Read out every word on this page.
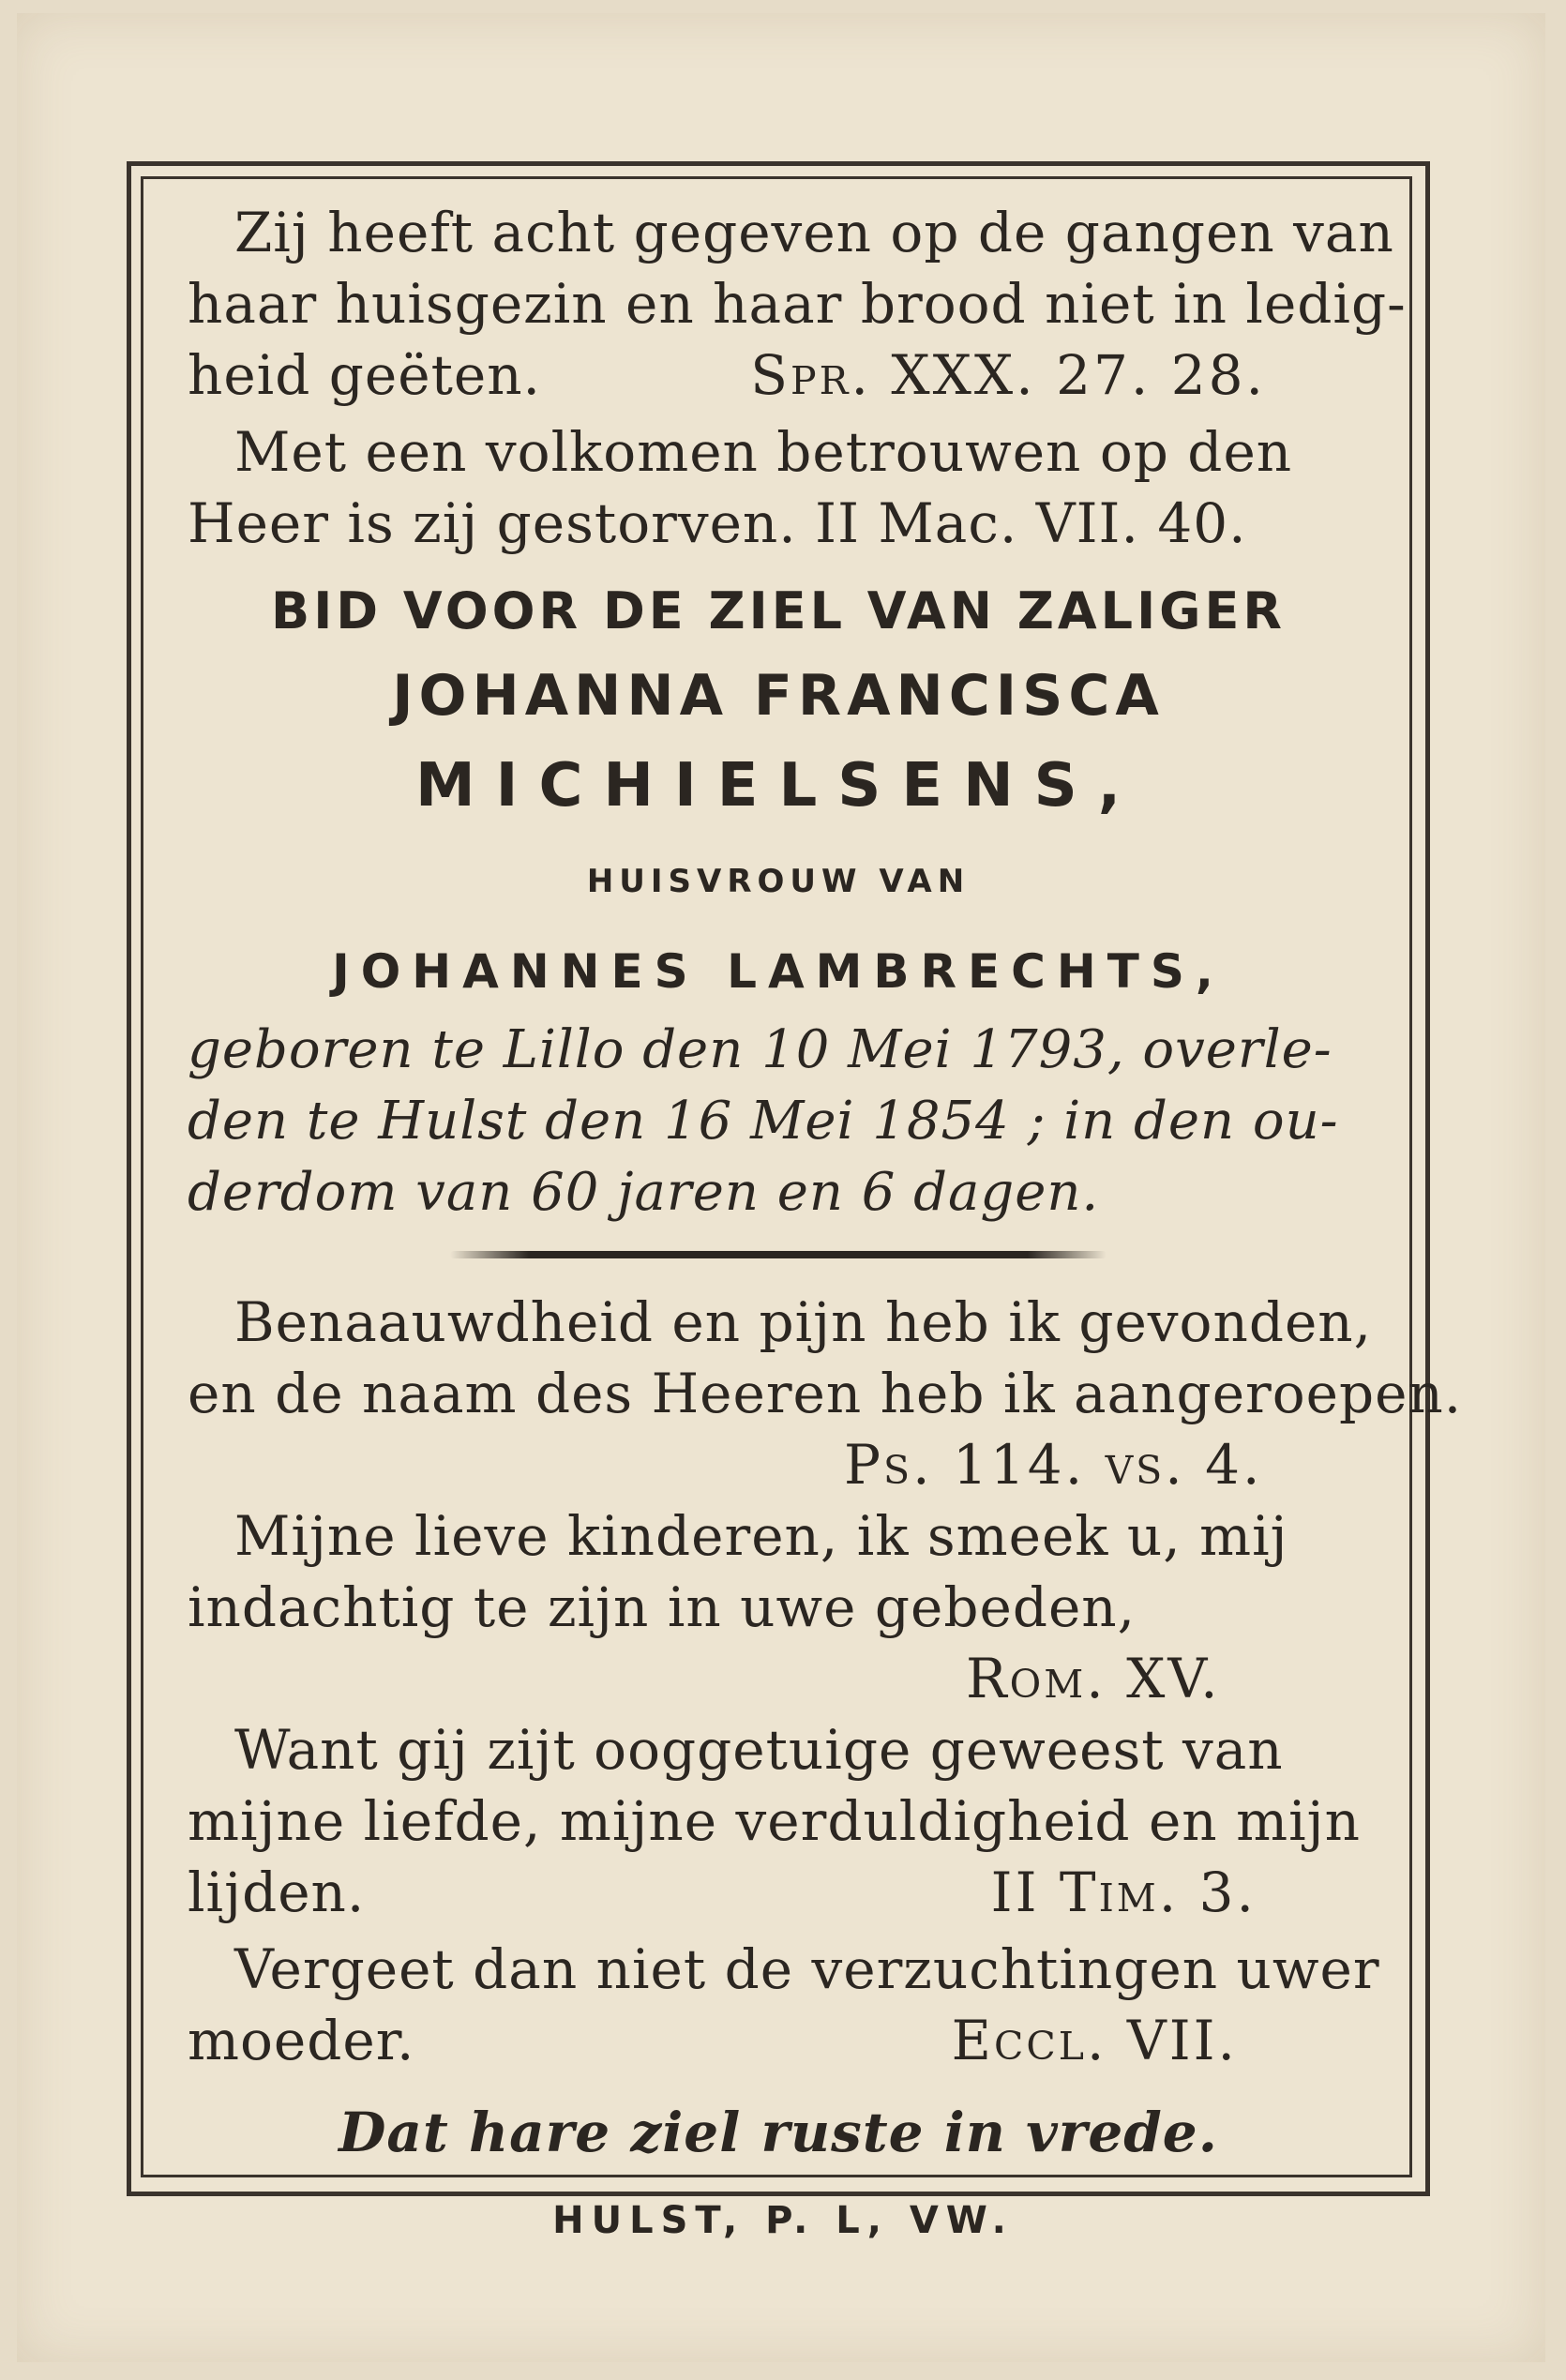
Zij heeft acht gegeven op de gangen van
haar huisgezin en haar brood niet in ledig-
heid geëten.	Spr. XXX. 27. 28.
Met een volkomen betrouwen op den
Heer is zij gestorven. II Mac. VII. 40.
BID VOOR DE ZIEL VAN ZALIGER
JOHANNA FRANCISCA
MICHIELSENS,
HUISVROUW VAN
JOHANNES LAMBRECHTS,
geboren te Lillo den 10 Mei 1793, overle-
den te Hulst den 16 Mei 1854 ; in den ou-
derdom van 60 jaren en 6 dagen.
Benaauwdheid en pijn heb ik gevonden,
en de naam des Heeren heb ik aangeroepen.
Ps. 114. vs. 4.
Mijne lieve kinderen, ik smeek u, mij
indachtig te zijn in uwe gebeden,
Rom. XV.
Want gij zijt ooggetuige geweest van
mijne liefde, mijne verduldigheid en mijn
lijden.	II Tim. 3.
Vergeet dan niet de verzuchtingen uwer
moeder.	Eccl. VII.
Dat hare ziel ruste in vrede.
HULST, P. L, VW.
